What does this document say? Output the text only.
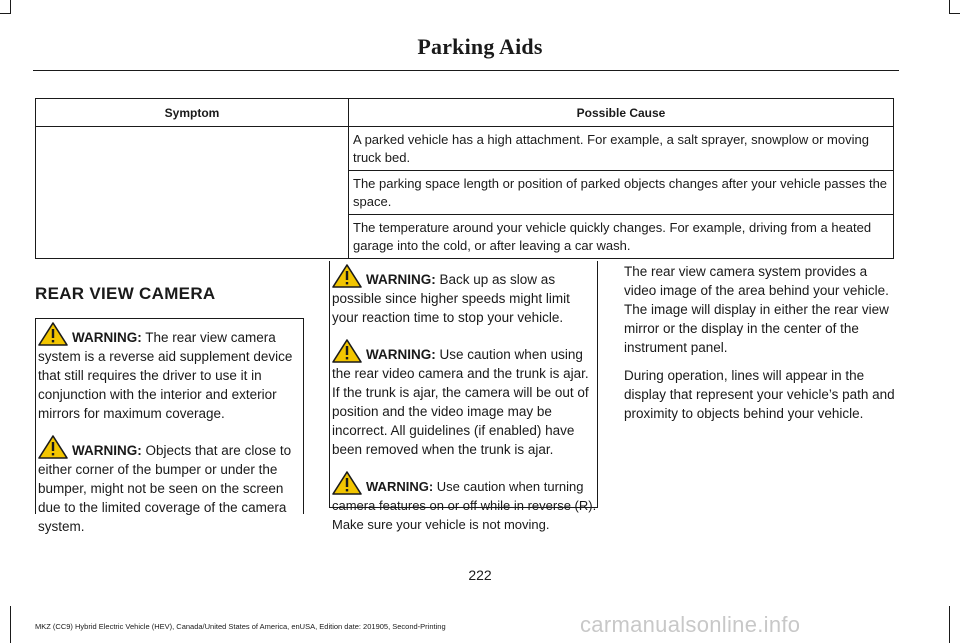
Parking Aids
Symptom	Possible Cause
	A parked vehicle has a high attachment. For example, a salt sprayer, snowplow or moving truck bed.
	The parking space length or position of parked objects changes after your vehicle passes the space.
	The temperature around your vehicle quickly changes. For example, driving from a heated garage into the cold, or after leaving a car wash.
REAR VIEW CAMERA

WARNING: The rear view camera system is a reverse aid supplement device that still requires the driver to use it in conjunction with the interior and exterior mirrors for maximum coverage.

WARNING: Objects that are close to either corner of the bumper or under the bumper, might not be seen on the screen due to the limited coverage of the camera system.

WARNING: Back up as slow as possible since higher speeds might limit your reaction time to stop your vehicle.

WARNING: Use caution when using the rear video camera and the trunk is ajar. If the trunk is ajar, the camera will be out of position and the video image may be incorrect. All guidelines (if enabled) have been removed when the trunk is ajar.

WARNING: Use caution when turning camera features on or off while in reverse (R). Make sure your vehicle is not moving.

The rear view camera system provides a video image of the area behind your vehicle. The image will display in either the rear view mirror or the display in the center of the instrument panel.

During operation, lines will appear in the display that represent your vehicle’s path and proximity to objects behind your vehicle.

222
MKZ (CC9) Hybrid Electric Vehicle (HEV), Canada/United States of America, enUSA, Edition date: 201905, Second-Printing	carmanualsonline.info
